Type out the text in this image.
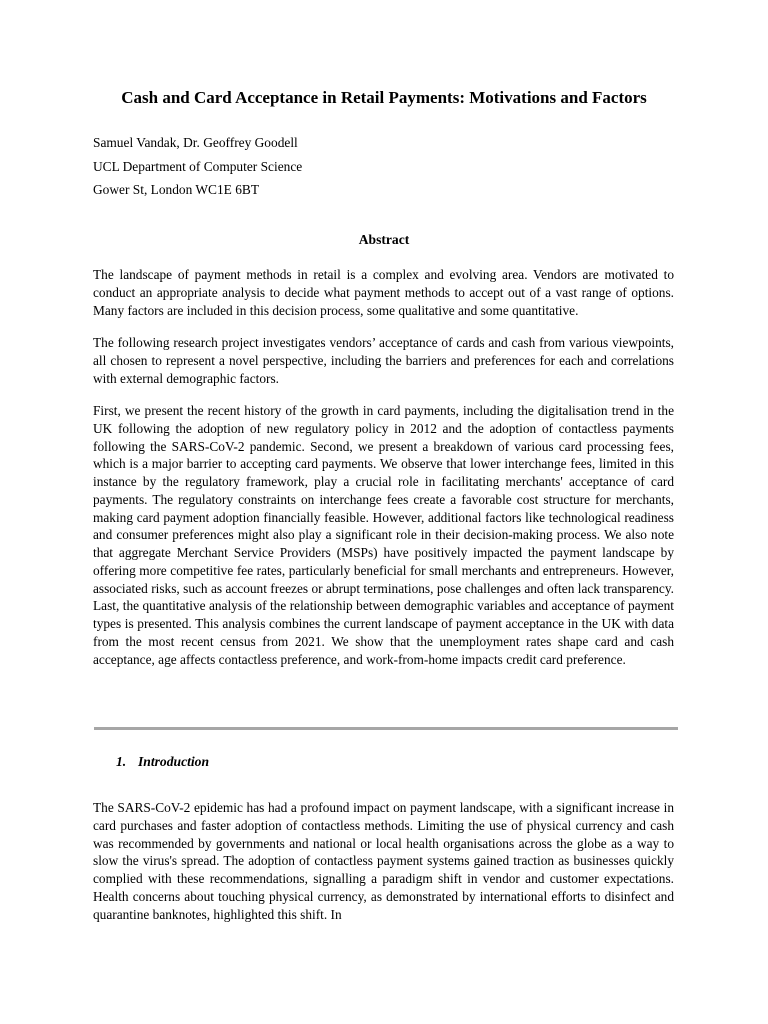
Cash and Card Acceptance in Retail Payments: Motivations and Factors

Samuel Vandak, Dr. Geoffrey Goodell

UCL Department of Computer Science

Gower St, London WC1E 6BT

Abstract

The landscape of payment methods in retail is a complex and evolving area. Vendors are motivated to conduct an appropriate analysis to decide what payment methods to accept out of a vast range of options. Many factors are included in this decision process, some qualitative and some quantitative.

The following research project investigates vendors’ acceptance of cards and cash from various viewpoints, all chosen to represent a novel perspective, including the barriers and preferences for each and correlations with external demographic factors.

First, we present the recent history of the growth in card payments, including the digitalisation trend in the UK following the adoption of new regulatory policy in 2012 and the adoption of contactless payments following the SARS-CoV-2 pandemic. Second, we present a breakdown of various card processing fees, which is a major barrier to accepting card payments. We observe that lower interchange fees, limited in this instance by the regulatory framework, play a crucial role in facilitating merchants' acceptance of card payments. The regulatory constraints on interchange fees create a favorable cost structure for merchants, making card payment adoption financially feasible. However, additional factors like technological readiness and consumer preferences might also play a significant role in their decision-making process. We also note that aggregate Merchant Service Providers (MSPs) have positively impacted the payment landscape by offering more competitive fee rates, particularly beneficial for small merchants and entrepreneurs. However, associated risks, such as account freezes or abrupt terminations, pose challenges and often lack transparency. Last, the quantitative analysis of the relationship between demographic variables and acceptance of payment types is presented. This analysis combines the current landscape of payment acceptance in the UK with data from the most recent census from 2021. We show that the unemployment rates shape card and cash acceptance, age affects contactless preference, and work-from-home impacts credit card preference.

1. Introduction

The SARS-CoV-2 epidemic has had a profound impact on payment landscape, with a significant increase in card purchases and faster adoption of contactless methods. Limiting the use of physical currency and cash was recommended by governments and national or local health organisations across the globe as a way to slow the virus's spread. The adoption of contactless payment systems gained traction as businesses quickly complied with these recommendations, signalling a paradigm shift in vendor and customer expectations. Health concerns about touching physical currency, as demonstrated by international efforts to disinfect and quarantine banknotes, highlighted this shift. In
